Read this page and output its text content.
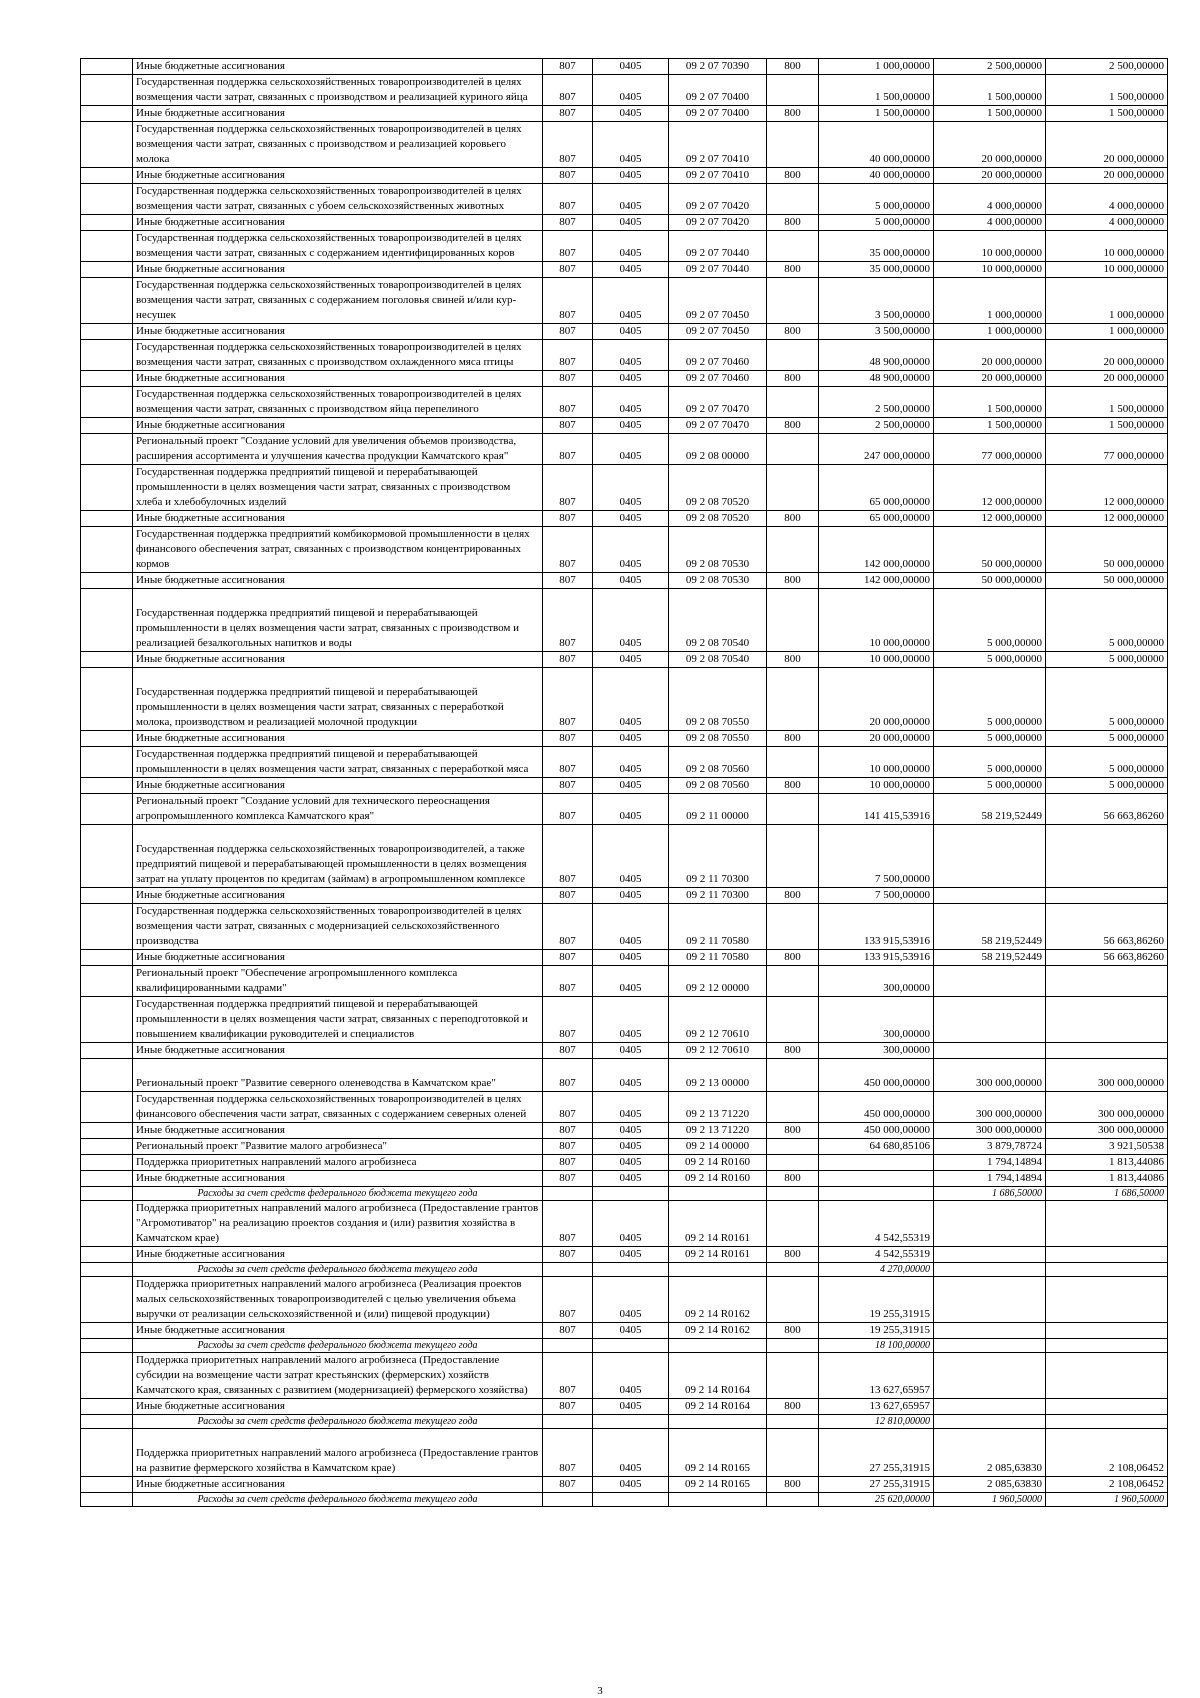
	Иные бюджетные ассигнования	807	0405	09 2 07 70390	800	1 000,00000	2 500,00000	2 500,00000
	Государственная поддержка сельскохозяйственных товаропроизводителей в целях возмещения части затрат, связанных с производством и реализацией куриного яйца	807	0405	09 2 07 70400		1 500,00000	1 500,00000	1 500,00000
	Иные бюджетные ассигнования	807	0405	09 2 07 70400	800	1 500,00000	1 500,00000	1 500,00000
	Государственная поддержка сельскохозяйственных товаропроизводителей в целях возмещения части затрат, связанных с производством и реализацией коровьего молока	807	0405	09 2 07 70410		40 000,00000	20 000,00000	20 000,00000
	Иные бюджетные ассигнования	807	0405	09 2 07 70410	800	40 000,00000	20 000,00000	20 000,00000
	Государственная поддержка сельскохозяйственных товаропроизводителей в целях возмещения части затрат, связанных с убоем сельскохозяйственных животных	807	0405	09 2 07 70420		5 000,00000	4 000,00000	4 000,00000
	Иные бюджетные ассигнования	807	0405	09 2 07 70420	800	5 000,00000	4 000,00000	4 000,00000
	Государственная поддержка сельскохозяйственных товаропроизводителей в целях возмещения части затрат, связанных с содержанием идентифицированных коров	807	0405	09 2 07 70440		35 000,00000	10 000,00000	10 000,00000
	Иные бюджетные ассигнования	807	0405	09 2 07 70440	800	35 000,00000	10 000,00000	10 000,00000
	Государственная поддержка сельскохозяйственных товаропроизводителей в целях возмещения части затрат, связанных с содержанием поголовья свиней и/или кур-несушек	807	0405	09 2 07 70450		3 500,00000	1 000,00000	1 000,00000
	Иные бюджетные ассигнования	807	0405	09 2 07 70450	800	3 500,00000	1 000,00000	1 000,00000
	Государственная поддержка сельскохозяйственных товаропроизводителей в целях возмещения части затрат, связанных с производством охлажденного мяса птицы	807	0405	09 2 07 70460		48 900,00000	20 000,00000	20 000,00000
	Иные бюджетные ассигнования	807	0405	09 2 07 70460	800	48 900,00000	20 000,00000	20 000,00000
	Государственная поддержка сельскохозяйственных товаропроизводителей в целях возмещения части затрат, связанных с производством яйца перепелиного	807	0405	09 2 07 70470		2 500,00000	1 500,00000	1 500,00000
	Иные бюджетные ассигнования	807	0405	09 2 07 70470	800	2 500,00000	1 500,00000	1 500,00000
	Региональный проект "Создание условий для увеличения объемов производства, расширения ассортимента и улучшения качества продукции Камчатского края"	807	0405	09 2 08 00000		247 000,00000	77 000,00000	77 000,00000
	Государственная поддержка предприятий пищевой и перерабатывающей промышленности в целях возмещения части затрат, связанных с производством хлеба и хлебобулочных изделий	807	0405	09 2 08 70520		65 000,00000	12 000,00000	12 000,00000
	Иные бюджетные ассигнования	807	0405	09 2 08 70520	800	65 000,00000	12 000,00000	12 000,00000
	Государственная поддержка предприятий комбикормовой промышленности в целях финансового обеспечения затрат, связанных с производством концентрированных кормов	807	0405	09 2 08 70530		142 000,00000	50 000,00000	50 000,00000
	Иные бюджетные ассигнования	807	0405	09 2 08 70530	800	142 000,00000	50 000,00000	50 000,00000
	Государственная поддержка предприятий пищевой и перерабатывающей промышленности в целях возмещения части затрат, связанных с производством и реализацией безалкогольных напитков и воды	807	0405	09 2 08 70540		10 000,00000	5 000,00000	5 000,00000
	Иные бюджетные ассигнования	807	0405	09 2 08 70540	800	10 000,00000	5 000,00000	5 000,00000
	Государственная поддержка предприятий пищевой и перерабатывающей промышленности в целях возмещения части затрат, связанных с переработкой молока, производством и реализацией молочной продукции	807	0405	09 2 08 70550		20 000,00000	5 000,00000	5 000,00000
	Иные бюджетные ассигнования	807	0405	09 2 08 70550	800	20 000,00000	5 000,00000	5 000,00000
	Государственная поддержка предприятий пищевой и перерабатывающей промышленности в целях возмещения части затрат, связанных с переработкой мяса	807	0405	09 2 08 70560		10 000,00000	5 000,00000	5 000,00000
	Иные бюджетные ассигнования	807	0405	09 2 08 70560	800	10 000,00000	5 000,00000	5 000,00000
	Региональный проект "Создание условий для технического переоснащения агропромышленного комплекса Камчатского края"	807	0405	09 2 11 00000		141 415,53916	58 219,52449	56 663,86260
	Государственная поддержка сельскохозяйственных товаропроизводителей, а также предприятий пищевой и перерабатывающей промышленности в целях возмещения затрат на уплату процентов по кредитам (займам) в агропромышленном комплексе	807	0405	09 2 11 70300		7 500,00000		
	Иные бюджетные ассигнования	807	0405	09 2 11 70300	800	7 500,00000		
	Государственная поддержка сельскохозяйственных товаропроизводителей в целях возмещения части затрат, связанных с модернизацией сельскохозяйственного производства	807	0405	09 2 11 70580		133 915,53916	58 219,52449	56 663,86260
	Иные бюджетные ассигнования	807	0405	09 2 11 70580	800	133 915,53916	58 219,52449	56 663,86260
	Региональный проект "Обеспечение агропромышленного комплекса квалифицированными кадрами"	807	0405	09 2 12 00000		300,00000		
	Государственная поддержка предприятий пищевой и перерабатывающей промышленности в целях возмещения части затрат, связанных с переподготовкой и повышением квалификации руководителей и специалистов	807	0405	09 2 12 70610		300,00000		
	Иные бюджетные ассигнования	807	0405	09 2 12 70610	800	300,00000		
	Региональный проект "Развитие северного оленеводства в Камчатском крае"	807	0405	09 2 13 00000		450 000,00000	300 000,00000	300 000,00000
	Государственная поддержка сельскохозяйственных товаропроизводителей в целях финансового обеспечения части затрат, связанных с содержанием северных оленей	807	0405	09 2 13 71220		450 000,00000	300 000,00000	300 000,00000
	Иные бюджетные ассигнования	807	0405	09 2 13 71220	800	450 000,00000	300 000,00000	300 000,00000
	Региональный проект "Развитие малого агробизнеса"	807	0405	09 2 14 00000		64 680,85106	3 879,78724	3 921,50538
	Поддержка приоритетных направлений малого агробизнеса	807	0405	09 2 14 R0160			1 794,14894	1 813,44086
	Иные бюджетные ассигнования	807	0405	09 2 14 R0160	800		1 794,14894	1 813,44086
	Расходы за счет средств федерального бюджета текущего года						1 686,50000	1 686,50000
	Поддержка приоритетных направлений малого агробизнеса (Предоставление грантов "Агромотиватор" на реализацию проектов создания и (или) развития хозяйства в Камчатском крае)	807	0405	09 2 14 R0161		4 542,55319		
	Иные бюджетные ассигнования	807	0405	09 2 14 R0161	800	4 542,55319		
	Расходы за счет средств федерального бюджета текущего года					4 270,00000		
	Поддержка приоритетных направлений малого агробизнеса (Реализация проектов малых сельскохозяйственных товаропроизводителей с целью увеличения объема выручки от реализации сельскохозяйственной и (или) пищевой продукции)	807	0405	09 2 14 R0162		19 255,31915		
	Иные бюджетные ассигнования	807	0405	09 2 14 R0162	800	19 255,31915		
	Расходы за счет средств федерального бюджета текущего года					18 100,00000		
	Поддержка приоритетных направлений малого агробизнеса (Предоставление субсидии на возмещение части затрат крестьянских (фермерских) хозяйств Камчатского края, связанных с развитием (модернизацией) фермерского хозяйства)	807	0405	09 2 14 R0164		13 627,65957		
	Иные бюджетные ассигнования	807	0405	09 2 14 R0164	800	13 627,65957		
	Расходы за счет средств федерального бюджета текущего года					12 810,00000		
	Поддержка приоритетных направлений малого агробизнеса (Предоставление грантов на развитие фермерского хозяйства в Камчатском крае)	807	0405	09 2 14 R0165		27 255,31915	2 085,63830	2 108,06452
	Иные бюджетные ассигнования	807	0405	09 2 14 R0165	800	27 255,31915	2 085,63830	2 108,06452
	Расходы за счет средств федерального бюджета текущего года					25 620,00000	1 960,50000	1 960,50000
3
